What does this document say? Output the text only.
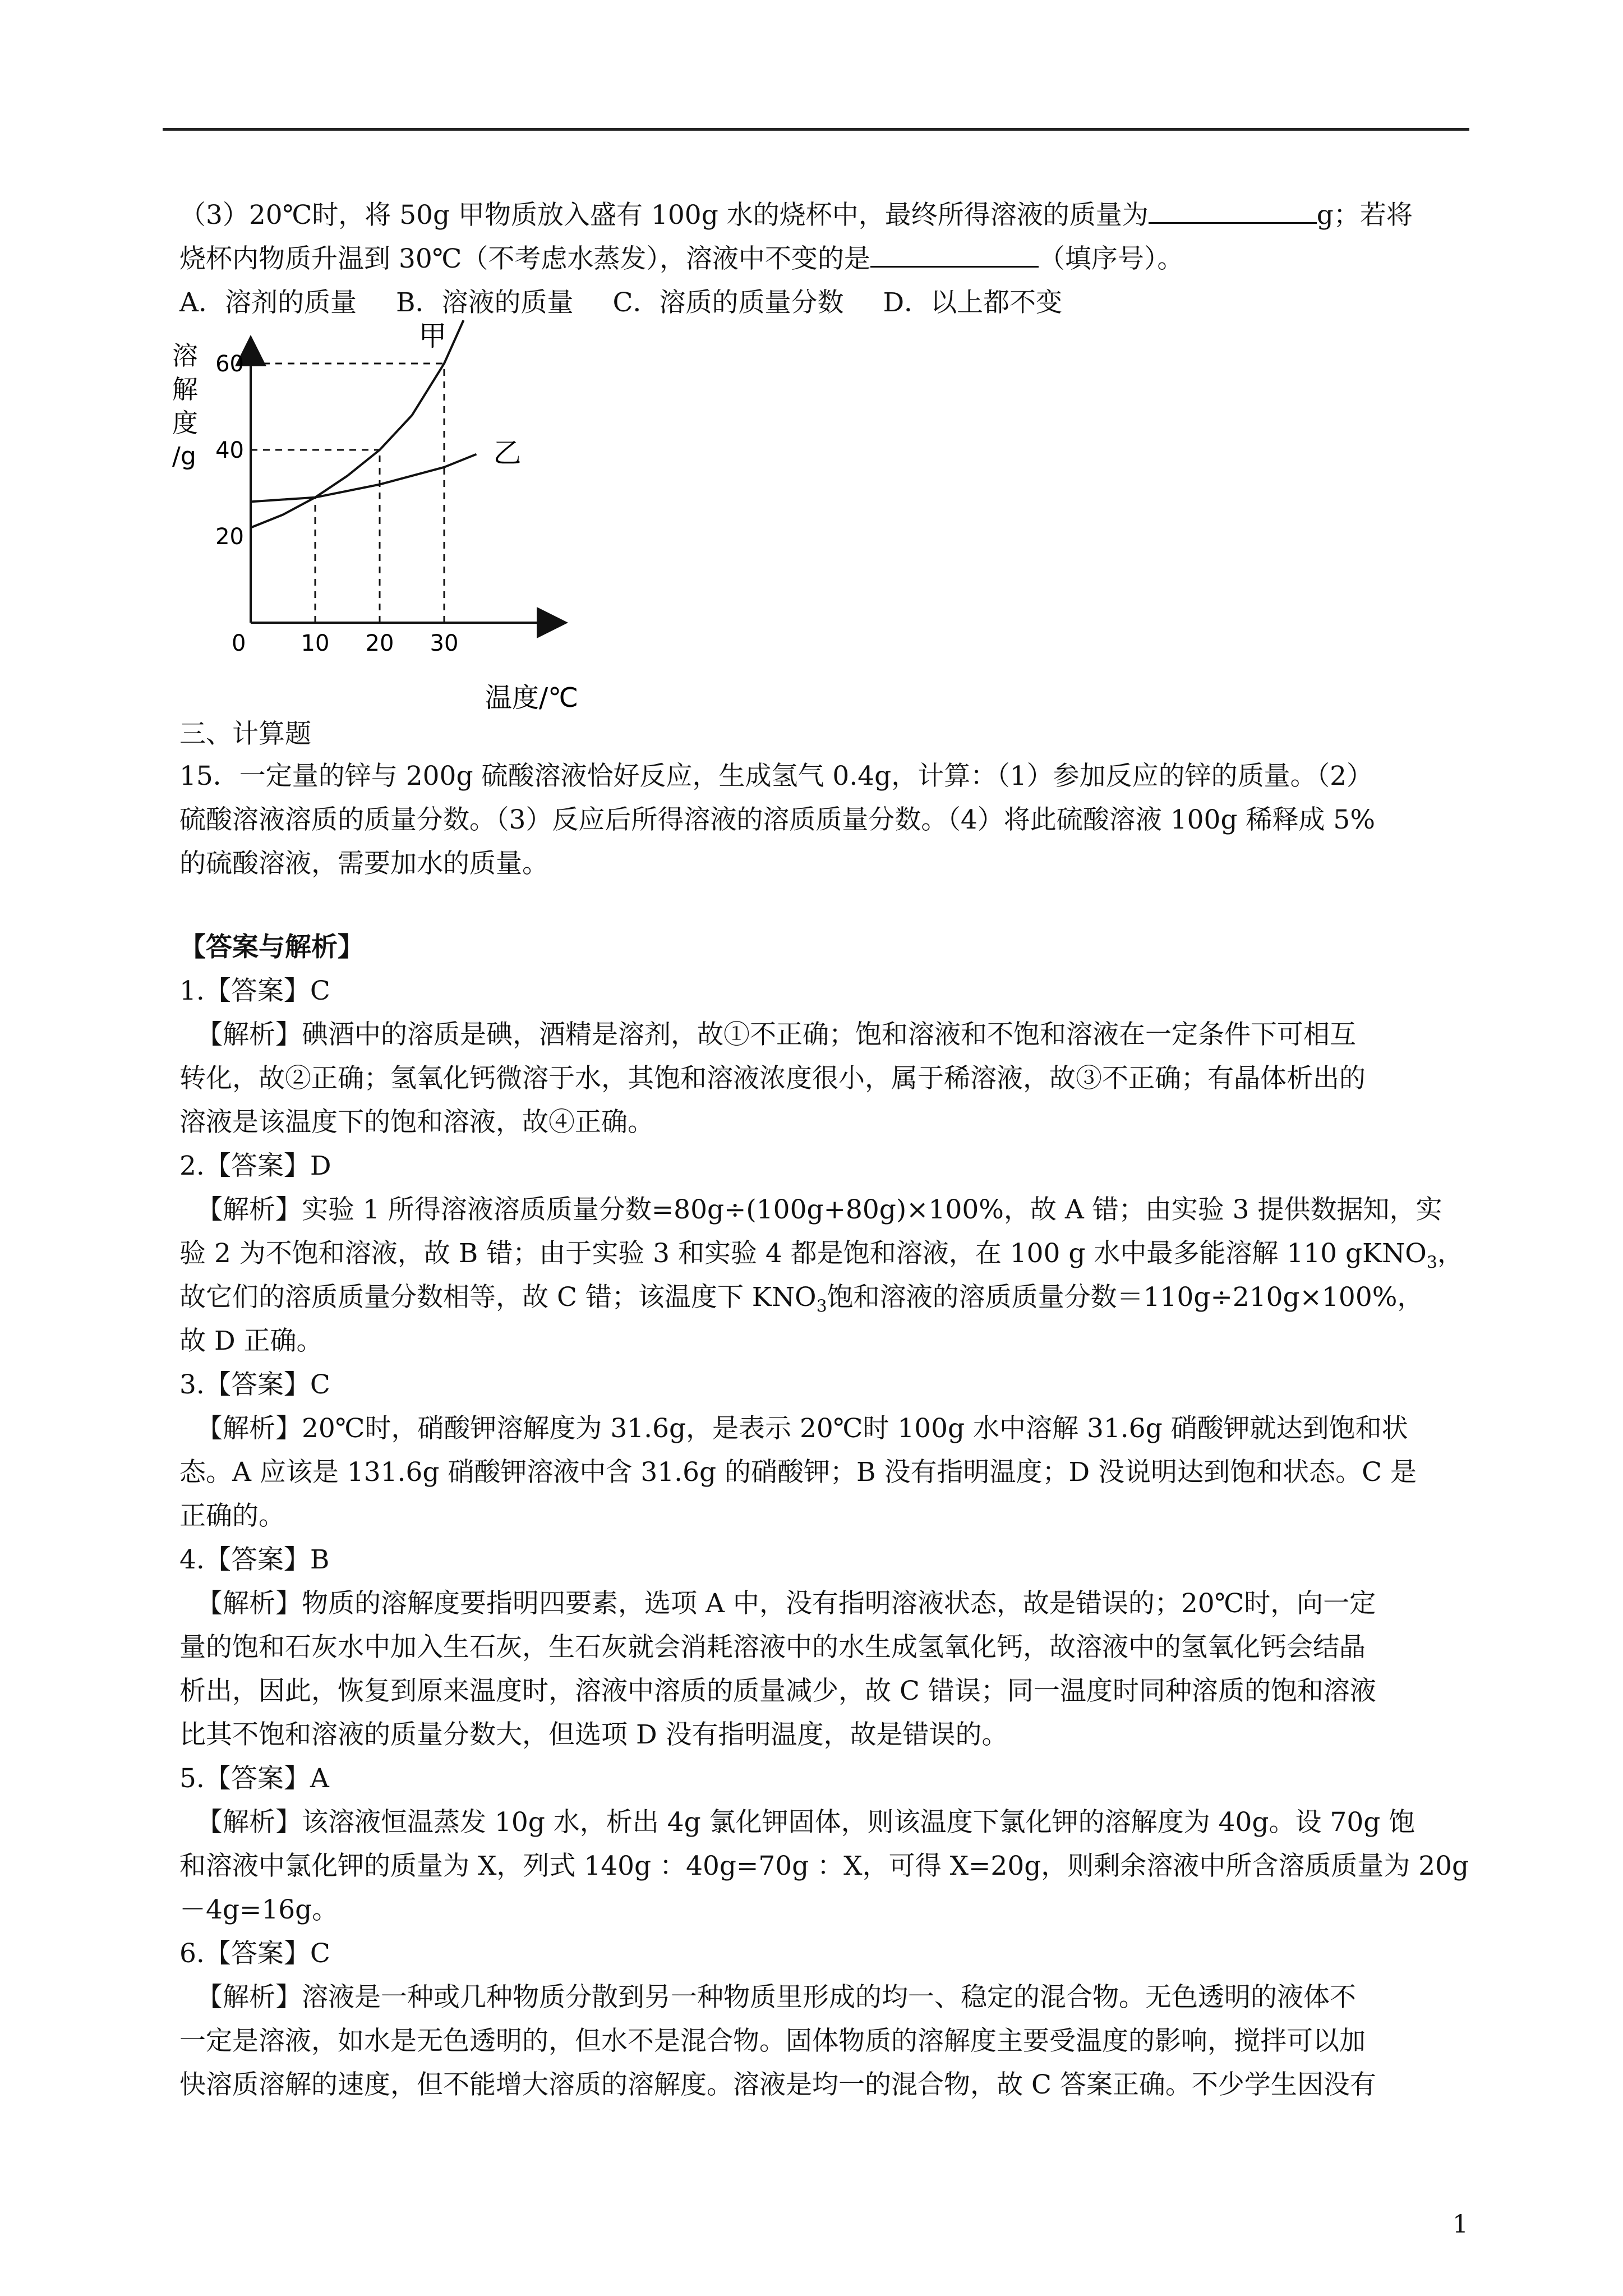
（3）20℃时，将 50g 甲物质放入盛有 100g 水的烧杯中，最终所得溶液的质量为	g；若将
烧杯内物质升温到 30℃（不考虑水蒸发），溶液中不变的是	（填序号）。
A．溶剂的质量 B．溶液的质量 C．溶质的质量分数 D．以上都不变
溶
解
度
/g
甲
乙
10 20 30
20
40
60
0
温度/℃
三、计算题
15．一定量的锌与 200g 硫酸溶液恰好反应，生成氢气 0.4g，计算：（1）参加反应的锌的质量。（2）
硫酸溶液溶质的质量分数。（3）反应后所得溶液的溶质质量分数。（4）将此硫酸溶液 100g 稀释成 5%
的硫酸溶液，需要加水的质量。
【答案与解析】
1.【答案】C
【解析】碘酒中的溶质是碘，酒精是溶剂，故①不正确；饱和溶液和不饱和溶液在一定条件下可相互
转化，故②正确；氢氧化钙微溶于水，其饱和溶液浓度很小，属于稀溶液，故③不正确；有晶体析出的
溶液是该温度下的饱和溶液，故④正确。
2.【答案】D
【解析】实验 1 所得溶液溶质质量分数=80g÷(100g+80g)×100%，故 A 错；由实验 3 提供数据知，实
验 2 为不饱和溶液，故 B 错；由于实验 3 和实验 4 都是饱和溶液，在 100 g 水中最多能溶解 110 gKNO$_3$，
故它们的溶质质量分数相等，故 C 错；该温度下 $KNO_3$饱和溶液的溶质质量分数＝110g÷210g×100%，
故 D 正确。
3.【答案】C
【解析】20℃时，硝酸钾溶解度为 31.6g，是表示 20℃时 100g 水中溶解 31.6g 硝酸钾就达到饱和状
态。A 应该是 131.6g 硝酸钾溶液中含 31.6g 的硝酸钾；B 没有指明温度；D 没说明达到饱和状态。C 是
正确的。
4.【答案】B
【解析】物质的溶解度要指明四要素，选项 A 中，没有指明溶液状态，故是错误的；20℃时，向一定
量的饱和石灰水中加入生石灰，生石灰就会消耗溶液中的水生成氢氧化钙，故溶液中的氢氧化钙会结晶
析出，因此，恢复到原来温度时，溶液中溶质的质量减少，故 C 错误；同一温度时同种溶质的饱和溶液
比其不饱和溶液的质量分数大，但选项 D 没有指明温度，故是错误的。
5.【答案】A
【解析】该溶液恒温蒸发 10g 水，析出 4g 氯化钾固体，则该温度下氯化钾的溶解度为 40g。设 70g 饱
和溶液中氯化钾的质量为 X，列式 140g ：40g=70g ：X，可得 X=20g，则剩余溶液中所含溶质质量为 20g
－4g=16g。
6.【答案】C
【解析】溶液是一种或几种物质分散到另一种物质里形成的均一、稳定的混合物。无色透明的液体不
一定是溶液，如水是无色透明的，但水不是混合物。固体物质的溶解度主要受温度的影响，搅拌可以加
快溶质溶解的速度，但不能增大溶质的溶解度。溶液是均一的混合物，故 C 答案正确。不少学生因没有
1
